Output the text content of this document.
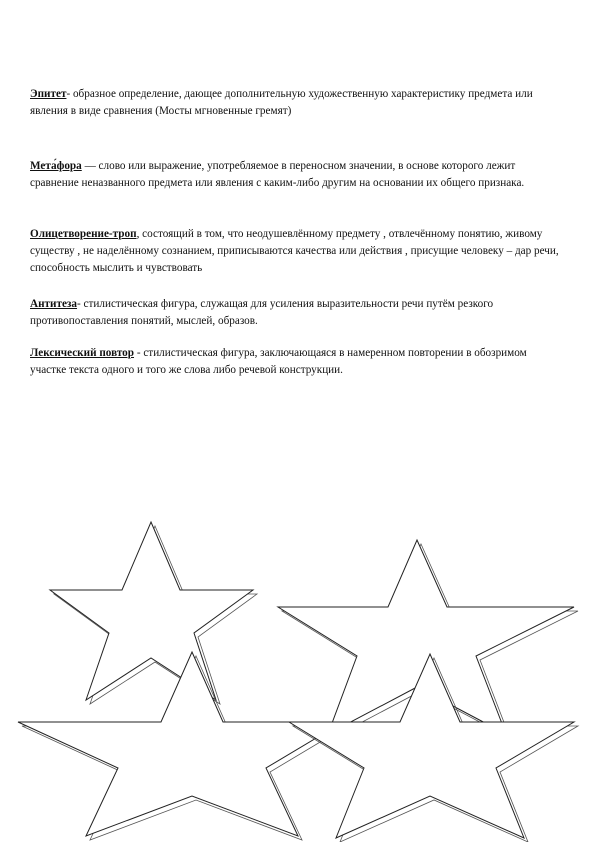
Эпитет- образное определение, дающее дополнительную художественную характеристику предмета или явления в виде сравнения (Мосты мгновенные гремят)
Мета́фора — слово или выражение, употребляемое в переносном значении, в основе которого лежит сравнение неназванного предмета или явления с каким-либо другим на основании их общего признака.
Олицетворение-троп, состоящий в том, что неодушевлённому предмету , отвлечённому понятию, живому существу , не наделённому сознанием, приписываются качества или действия , присущие человеку – дар речи, способность мыслить и чувствовать
Антитеза- стилистическая фигура, служащая для усиления выразительности речи путём резкого противопоставления понятий, мыслей, образов.
Лексический повтор - стилистическая фигура, заключающаяся в намеренном повторении в обозримом участке текста одного и того же слова либо речевой конструкции.
